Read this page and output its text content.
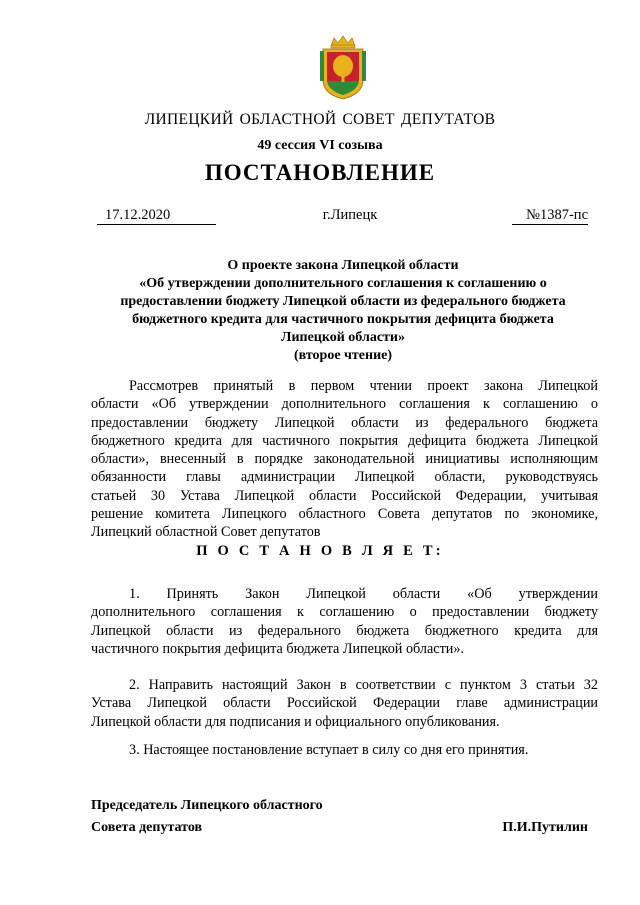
ЛИПЕЦКИЙ ОБЛАСТНОЙ СОВЕТ ДЕПУТАТОВ
49 сессия VI созыва
ПОСТАНОВЛЕНИЕ
17.12.2020	г.Липецк	№1387-пс
О проекте закона Липецкой области
«Об утверждении дополнительного соглашения к соглашению о
предоставлении бюджету Липецкой области из федерального бюджета
бюджетного кредита для частичного покрытия дефицита бюджета
Липецкой области»
(второе чтение)
Рассмотрев принятый в первом чтении проект закона Липецкой
области «Об утверждении дополнительного соглашения к соглашению о
предоставлении бюджету Липецкой области из федерального бюджета
бюджетного кредита для частичного покрытия дефицита бюджета Липецкой
области», внесенный в порядке законодательной инициативы исполняющим
обязанности главы администрации Липецкой области, руководствуясь
статьей 30 Устава Липецкой области Российской Федерации, учитывая
решение комитета Липецкого областного Совета депутатов по экономике,
Липецкий областной Совет депутатов
П О С Т А Н О В Л Я Е Т:
1. Принять Закон Липецкой области «Об утверждении
дополнительного соглашения к соглашению о предоставлении бюджету
Липецкой области из федерального бюджета бюджетного кредита для
частичного покрытия дефицита бюджета Липецкой области».
2. Направить настоящий Закон в соответствии с пунктом 3 статьи 32
Устава Липецкой области Российской Федерации главе администрации
Липецкой области для подписания и официального опубликования.
3. Настоящее постановление вступает в силу со дня его принятия.
Председатель Липецкого областного
Совета депутатов	П.И.Путилин
